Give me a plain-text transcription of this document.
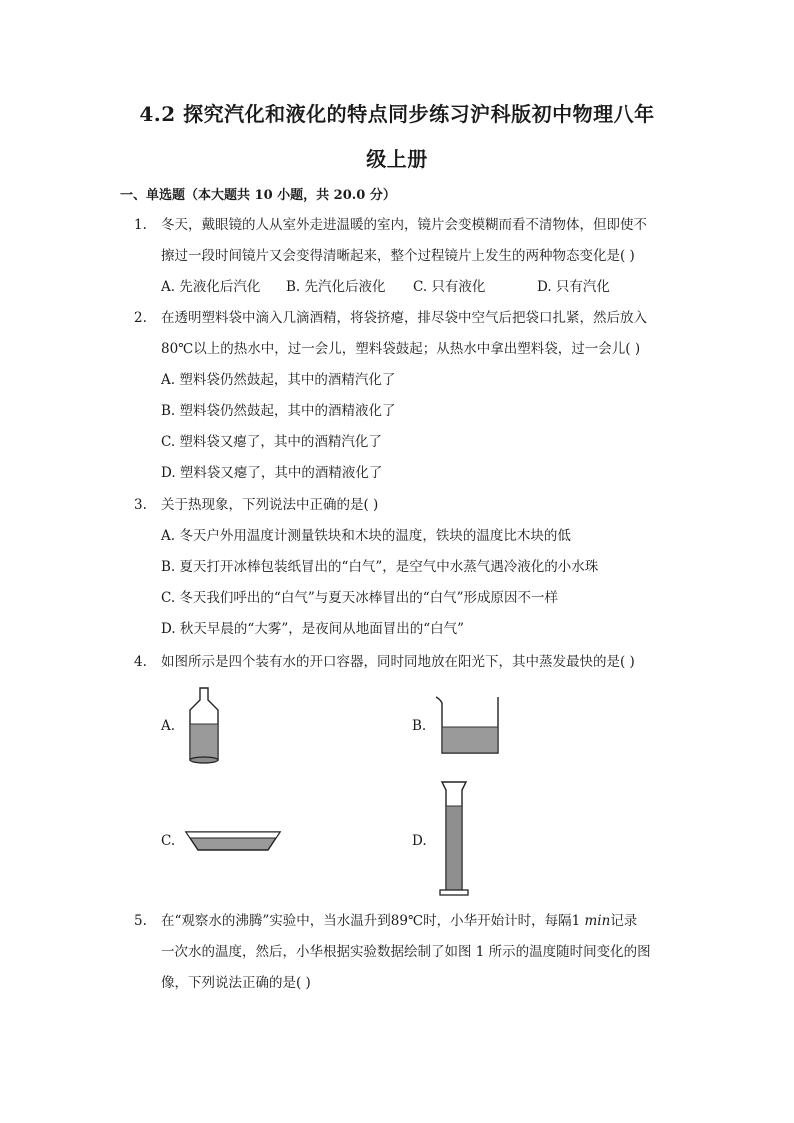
4.2 探究汽化和液化的特点同步练习沪科版初中物理八年
级上册
一、单选题（本大题共 10 小题，共 20.0 分）
1. 冬天，戴眼镜的人从室外走进温暖的室内，镜片会变模糊而看不清物体，但即使不
擦过一段时间镜片又会变得清晰起来，整个过程镜片上发生的两种物态变化是( )
A. 先液化后汽化 B. 先汽化后液化 C. 只有液化	D. 只有汽化
2. 在透明塑料袋中滴入几滴酒精，将袋挤瘪，排尽袋中空气后把袋口扎紧，然后放入
80℃以上的热水中，过一会儿，塑料袋鼓起；从热水中拿出塑料袋，过一会儿( )
A. 塑料袋仍然鼓起，其中的酒精汽化了
B. 塑料袋仍然鼓起，其中的酒精液化了
C. 塑料袋又瘪了，其中的酒精汽化了
D. 塑料袋又瘪了，其中的酒精液化了
3. 关于热现象，下列说法中正确的是( )
A. 冬天户外用温度计测量铁块和木块的温度，铁块的温度比木块的低
B. 夏天打开冰棒包装纸冒出的“白气”，是空气中水蒸气遇冷液化的小水珠
C. 冬天我们呼出的“白气”与夏天冰棒冒出的“白气”形成原因不一样
D. 秋天早晨的“大雾”，是夜间从地面冒出的“白气”
4. 如图所示是四个装有水的开口容器，同时同地放在阳光下，其中蒸发最快的是( )
A.	B.
C.	D.
5. 在“观察水的沸腾”实验中，当水温升到89℃时，小华开始计时，每隔1 min记录
一次水的温度，然后，小华根据实验数据绘制了如图 1 所示的温度随时间变化的图
像，下列说法正确的是( )
